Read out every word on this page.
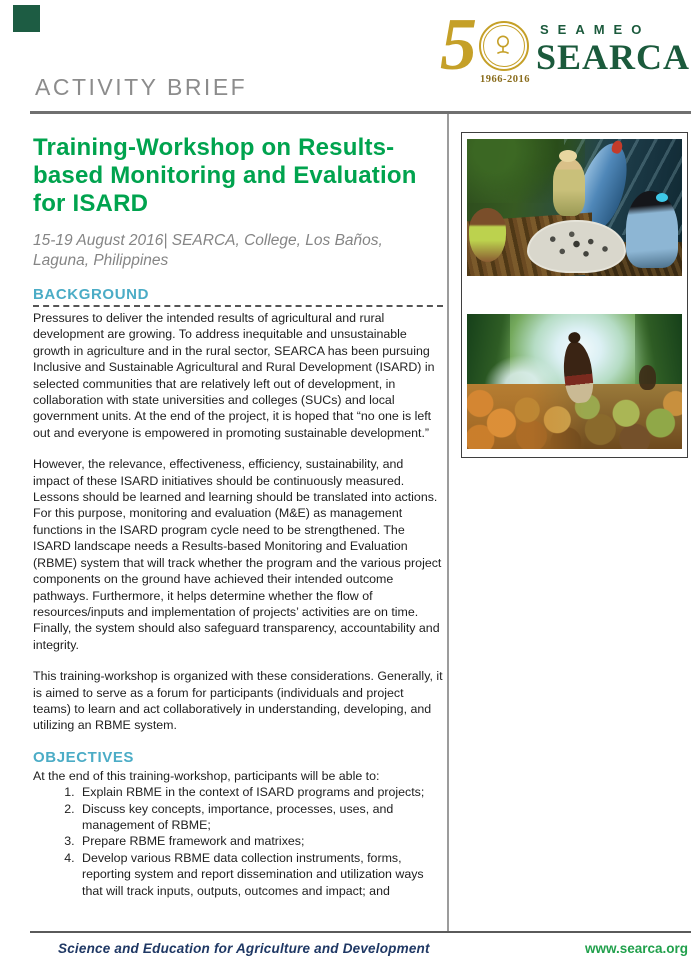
5 1966-2016
SEAMEO
SEARCA
ACTIVITY BRIEF
Training-Workshop on Results-based Monitoring and Evaluation for ISARD

15-19 August 2016| SEARCA, College, Los Baños, Laguna, Philippines

BACKGROUND

Pressures to deliver the intended results of agricultural and rural development are growing. To address inequitable and unsustainable growth in agriculture and in the rural sector, SEARCA has been pursuing Inclusive and Sustainable Agricultural and Rural Development (ISARD) in selected communities that are relatively left out of development, in collaboration with state universities and colleges (SUCs) and local government units. At the end of the project, it is hoped that “no one is left out and everyone is empowered in promoting sustainable development.”

However, the relevance, effectiveness, efficiency, sustainability, and impact of these ISARD initiatives should be continuously measured. Lessons should be learned and learning should be translated into actions. For this purpose, monitoring and evaluation (M&E) as management functions in the ISARD program cycle need to be strengthened. The ISARD landscape needs a Results-based Monitoring and Evaluation (RBME) system that will track whether the program and the various project components on the ground have achieved their intended outcome pathways. Furthermore, it helps determine whether the flow of resources/inputs and implementation of projects’ activities are on time. Finally, the system should also safeguard transparency, accountability and integrity.

This training-workshop is organized with these considerations. Generally, it is aimed to serve as a forum for participants (individuals and project teams) to learn and act collaboratively in understanding, developing, and utilizing an RBME system.

OBJECTIVES

At the end of this training-workshop, participants will be able to:

1. Explain RBME in the context of ISARD programs and projects;
2. Discuss key concepts, importance, processes, uses, and management of RBME;
3. Prepare RBME framework and matrixes;
4. Develop various RBME data collection instruments, forms, reporting system and report dissemination and utilization ways that will track inputs, outputs, outcomes and impact; and
Science and Education for Agriculture and Development	www.searca.org
